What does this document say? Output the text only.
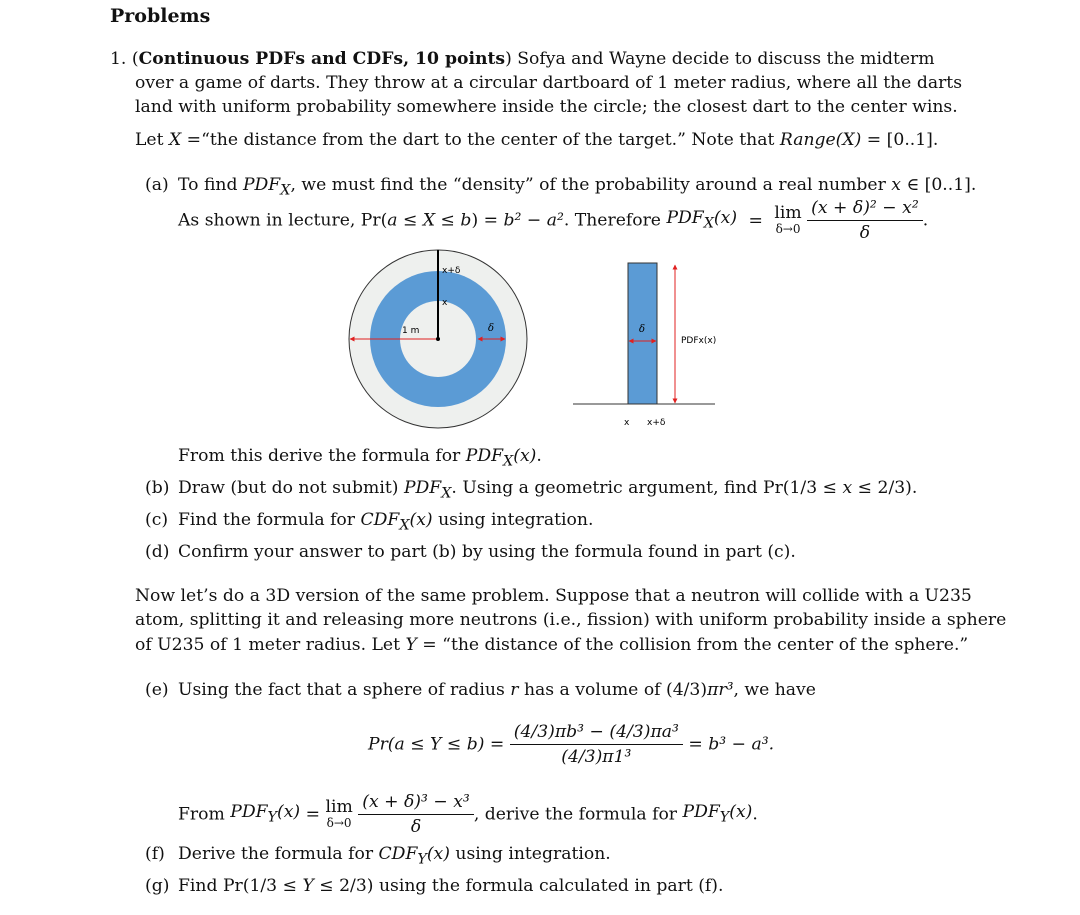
Problems
1. (Continuous PDFs and CDFs, 10 points) Sofya and Wayne decide to discuss the midterm
over a game of darts. They throw at a circular dartboard of 1 meter radius, where all the darts
land with uniform probability somewhere inside the circle; the closest dart to the center wins.
Let X =“the distance from the dart to the center of the target.” Note that Range(X) = [0..1].
(a) To find $PDF_X$, we must find the “density” of the probability around a real number x ∈ [0..1].
As shown in lecture, Pr(a ≤ X ≤ b) = b² − a². Therefore $PDF_X(x) = \lim$
δ→0
$\frac{\text{(x + δ)² − x²}}{\delta}$ .
x+δ
x
1 m	δ	δ
PDFx(x)
x x+δ
From this derive the formula for $PDF_X(x)$.
(b) Draw (but do not submit) $PDF_X$. Using a geometric argument, find Pr(1/3 ≤ x ≤ 2/3).
(c) Find the formula for $CDF_X(x)$ using integration.
(d) Confirm your answer to part (b) by using the formula found in part (c).
Now let’s do a 3D version of the same problem. Suppose that a neutron will collide with a U235
atom, splitting it and releasing more neutrons (i.e., fission) with uniform probability inside a sphere
of U235 of 1 meter radius. Let Y = “the distance of the collision from the center of the sphere.”
(e) Using the fact that a sphere of radius r has a volume of (4/3)πr³, we have
$Pr(a \le Y \le b) = \frac{\text{(4/3)πb³ − (4/3)πa³}}{\text{(4/3)π1³}} = b^3 - a^3$.
From $PDF_Y(x) = \lim$
δ→0
$\frac{\text{(x + δ)³ − x³}}{\delta}$ , derive the formula for $PDF_Y(x)$.
(f) Derive the formula for $CDF_Y(x)$ using integration.
(g) Find Pr(1/3 ≤ Y ≤ 2/3) using the formula calculated in part (f).
